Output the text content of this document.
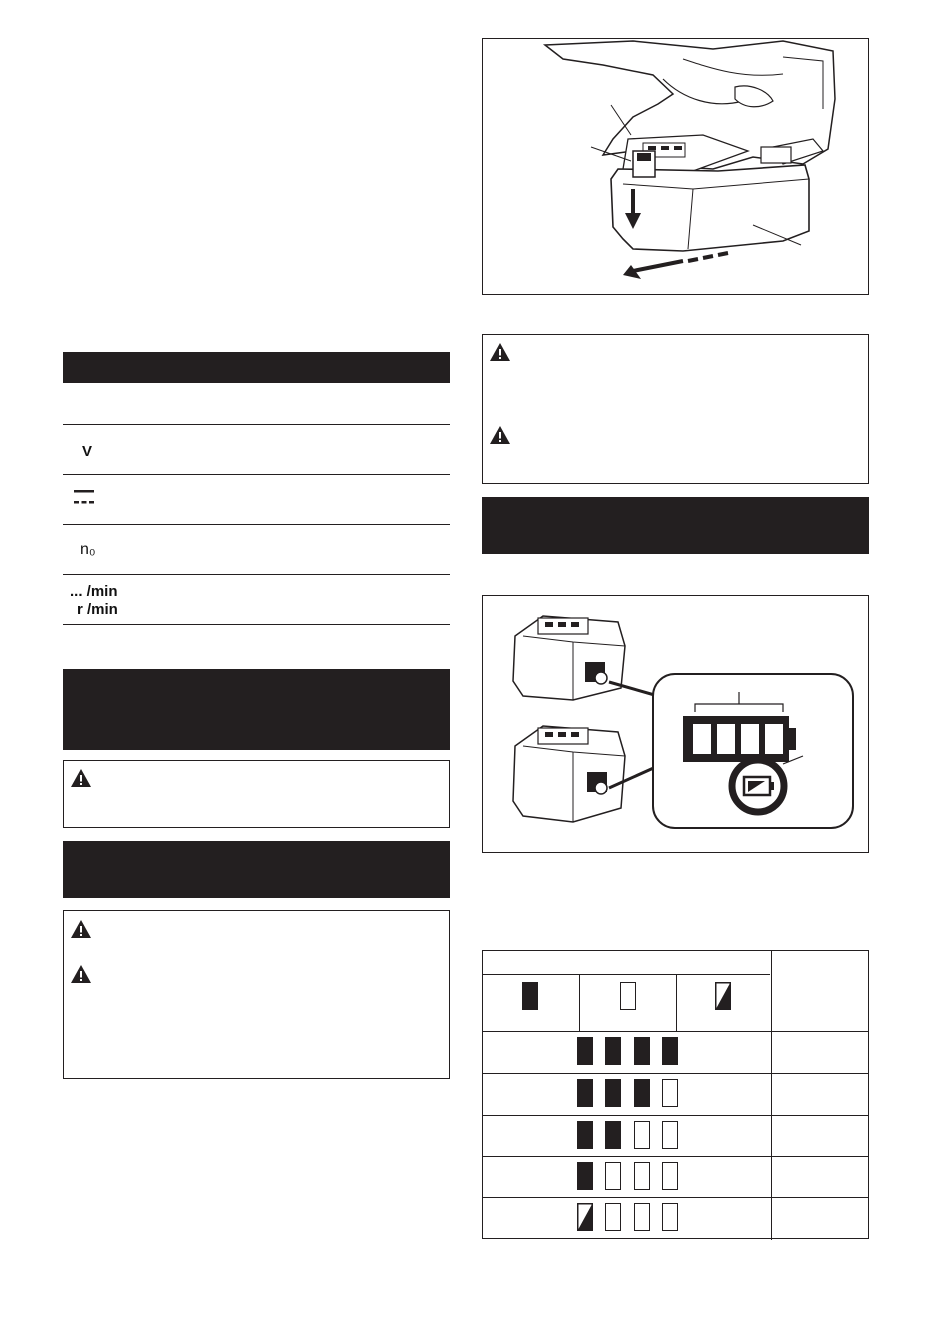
V
n₀
... /min
r /min
